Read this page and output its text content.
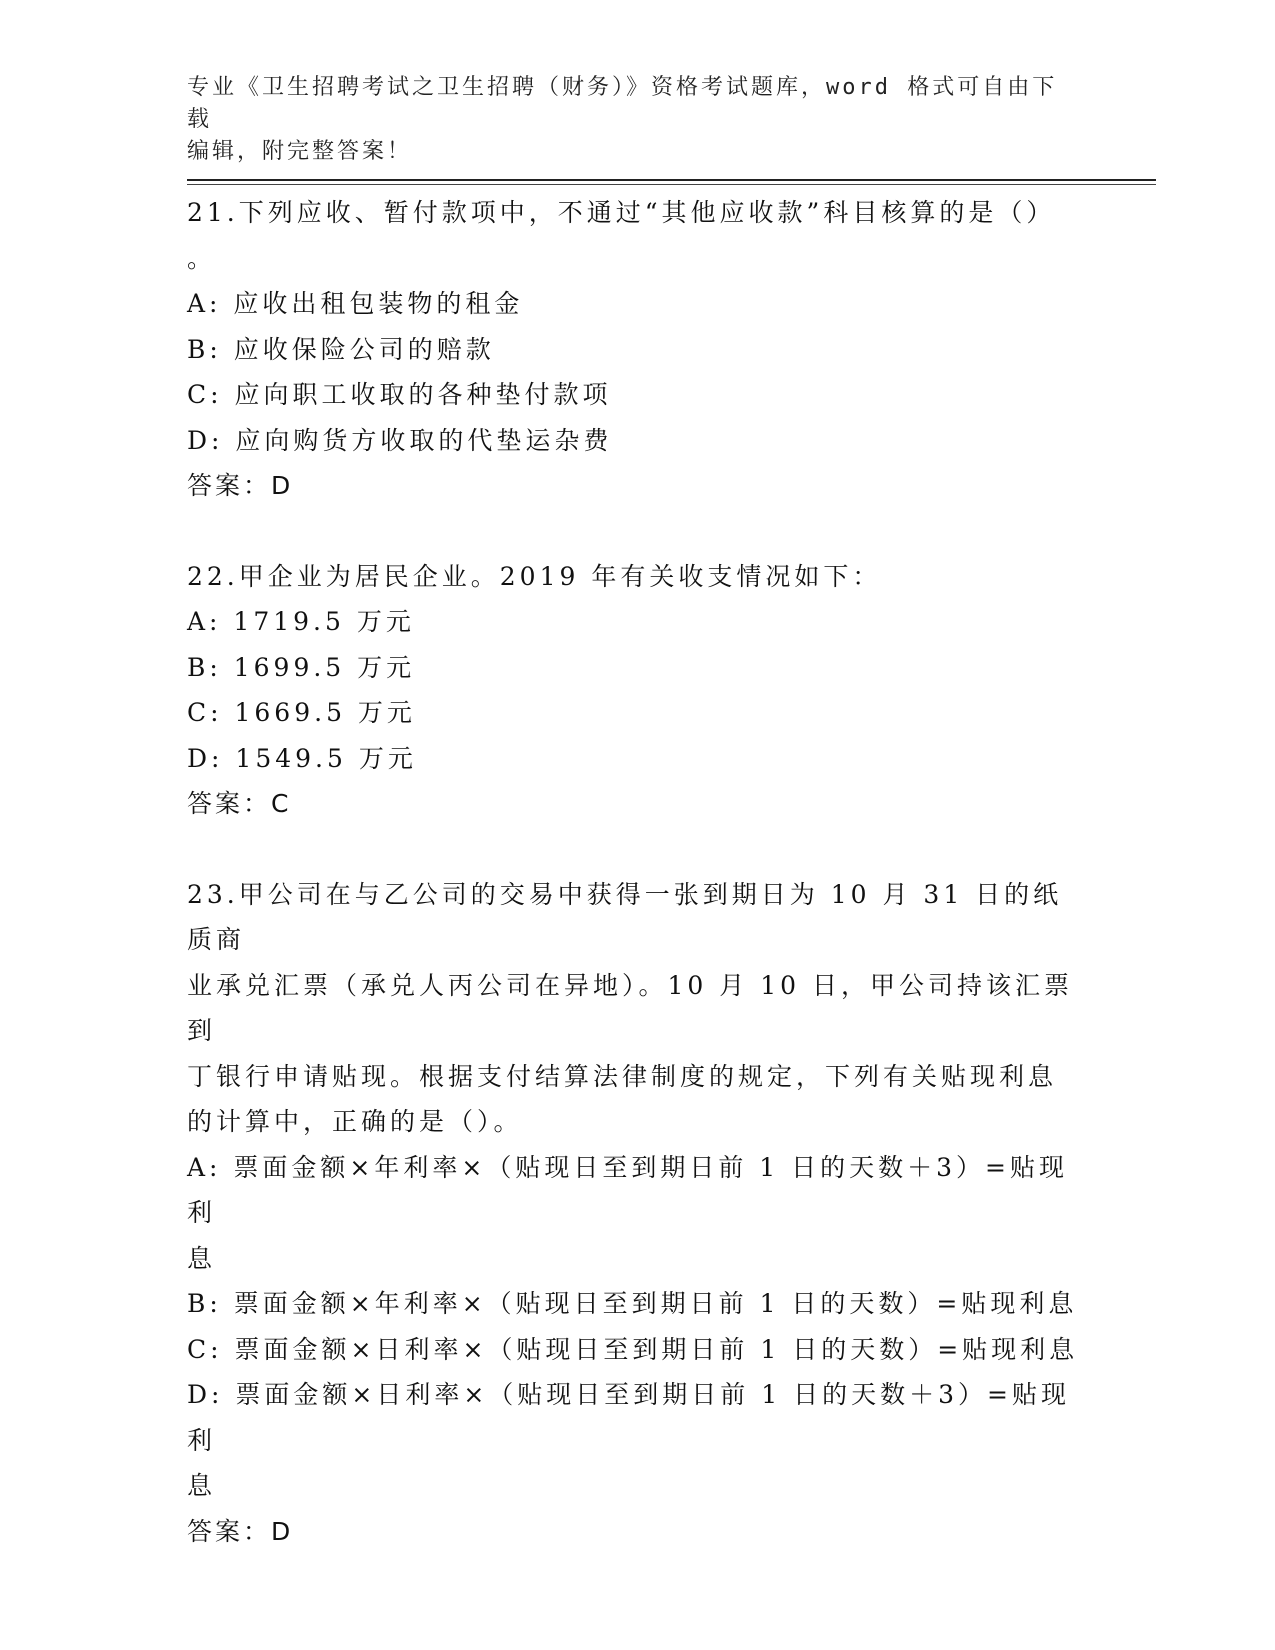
专业《卫生招聘考试之卫生招聘（财务）》资格考试题库，word 格式可自由下载
编辑，附完整答案！
21.下列应收、暂付款项中，不通过“其他应收款”科目核算的是（）
。
A: 应收出租包装物的租金
B: 应收保险公司的赔款
C: 应向职工收取的各种垫付款项
D: 应向购货方收取的代垫运杂费
答案：D
22.甲企业为居民企业。2019 年有关收支情况如下：
A: 1719.5 万元
B: 1699.5 万元
C: 1669.5 万元
D: 1549.5 万元
答案：C
23.甲公司在与乙公司的交易中获得一张到期日为 10 月 31 日的纸质商
业承兑汇票（承兑人丙公司在异地）。10 月 10 日，甲公司持该汇票到
丁银行申请贴现。根据支付结算法律制度的规定，下列有关贴现利息
的计算中，正确的是（）。
A: 票面金额×年利率×（贴现日至到期日前 1 日的天数＋3）=贴现利
息
B: 票面金额×年利率×（贴现日至到期日前 1 日的天数）=贴现利息
C: 票面金额×日利率×（贴现日至到期日前 1 日的天数）=贴现利息
D: 票面金额×日利率×（贴现日至到期日前 1 日的天数＋3）=贴现利
息
答案：D
